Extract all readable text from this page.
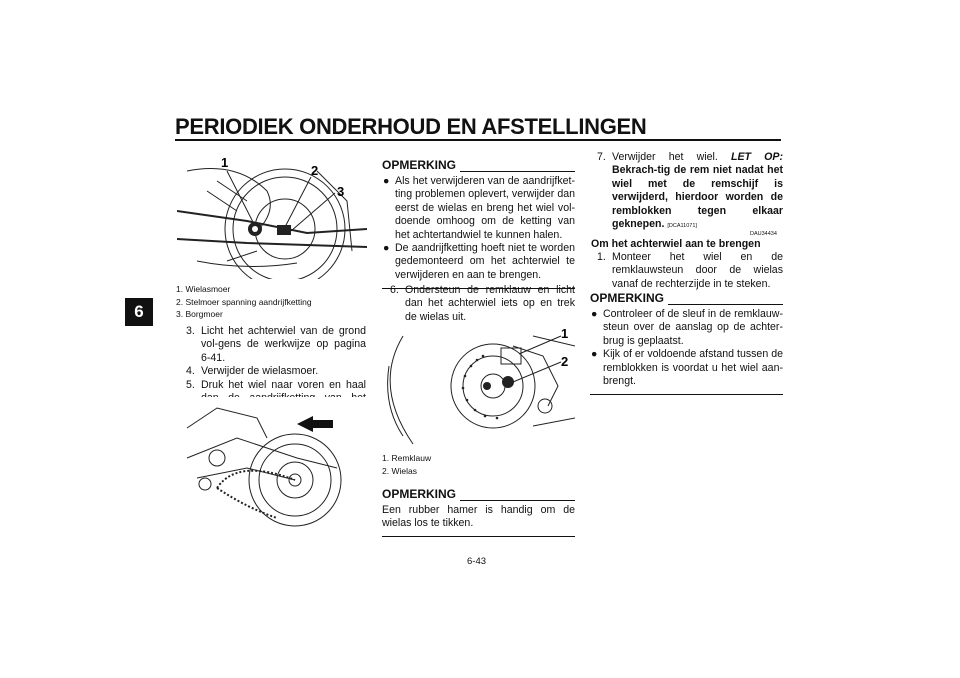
PERIODIEK ONDERHOUD EN AFSTELLINGEN
6
1
2
3
1. Wielasmoer
2. Stelmoer spanning aandrijfketting
3. Borgmoer
3. Licht het achterwiel van de grond vol-gens de werkwijze op pagina 6-41.
4. Verwijder de wielasmoer.
5. Druk het wiel naar voren en haal
OPMERKING
● Als het verwijderen van de aandrijfket-ting problemen oplevert, verwijder dan eerst de wielas en breng het wiel vol-doende omhoog om de ketting van het achtertandwiel te kunnen halen.
● De aandrijfketting hoeft niet te worden gedemonteerd om het achterwiel te verwijderen en aan te brengen.
6. Ondersteun de remklauw en licht dan het achterwiel iets op en trek de wielas uit.
1
2
1. Remklauw
2. Wielas
OPMERKING
Een rubber hamer is handig om de wielas los te tikken.
6-43
7. Verwijder het wiel. LET OP: Bekrach-tig de rem niet nadat het wiel met de remschijf is verwijderd, hierdoor worden de remblokken tegen elkaar geknepen. [DCA11071]
DAU34434
Om het achterwiel aan te brengen
1. Monteer het wiel en de remklauwsteun door de wielas vanaf de rechterzijde in te steken.
OPMERKING
● Controleer of de sleuf in de remklauw-steun over de aanslag op de achter-brug is geplaatst.
● Kijk of er voldoende afstand tussen de remblokken is voordat u het wiel aan-brengt.
